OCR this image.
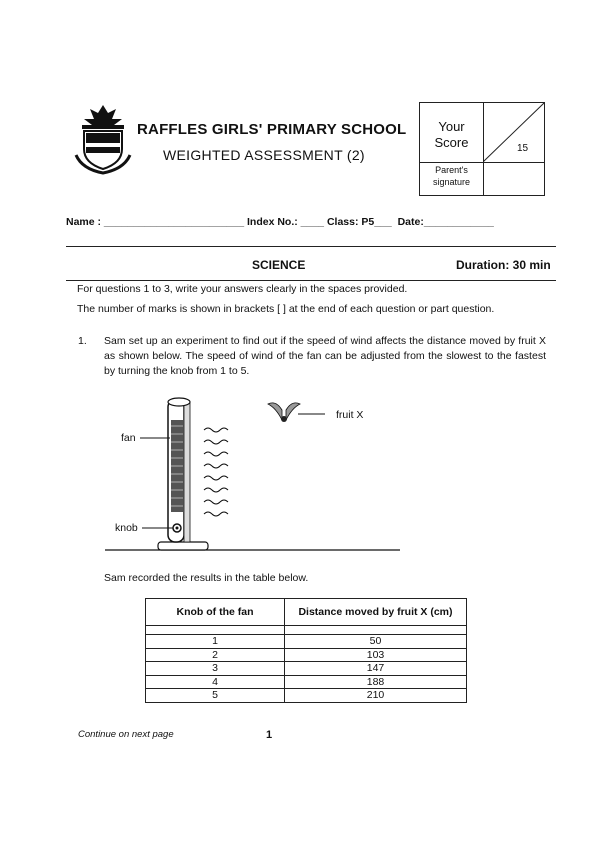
RAFFLES GIRLS' PRIMARY SCHOOL
WEIGHTED ASSESSMENT (2)
Your
Score	15
Parent's
signature
Name : ________________________ Index No.: ____ Class: P5___  Date:____________
SCIENCE	Duration: 30 min
For questions 1 to 3, write your answers clearly in the spaces provided.
The number of marks is shown in brackets [ ] at the end of each question or part question.
1. Sam set up an experiment to find out if the speed of wind affects the distance moved by fruit X as shown below. The speed of wind of the fan can be adjusted from the slowest to the fastest by turning the knob from 1 to 5.
fan
knob
fruit X
Sam recorded the results in the table below.
Knob of the fan	Distance moved by fruit X (cm)

1	50
2	103
3	147
4	188
5	210
Continue on next page	1
